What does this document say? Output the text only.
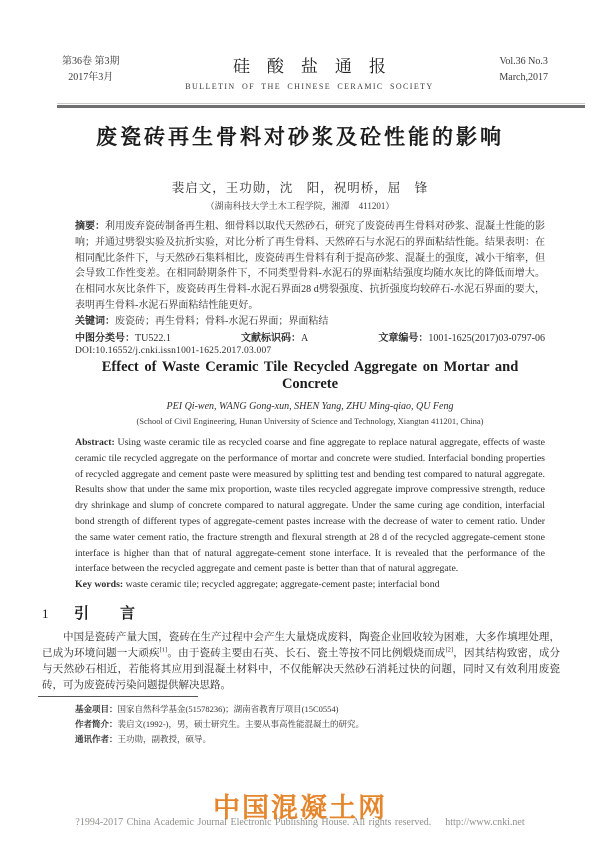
第36卷 第3期
2017年3月
硅酸盐通报
BULLETIN OF THE CHINESE CERAMIC SOCIETY
Vol.36 No.3
March,2017
废瓷砖再生骨料对砂浆及砼性能的影响
裴启文，王功勋，沈　阳，祝明桥，屈　锋
（湖南科技大学土木工程学院，湘潭　411201）

摘要：利用废弃瓷砖制备再生粗、细骨料以取代天然砂石，研究了废瓷砖再生骨料对砂浆、混凝土性能的影响；并通过劈裂实验及抗折实验，对比分析了再生骨料、天然碎石与水泥石的界面粘结性能。结果表明：在相同配比条件下，与天然砂石集料相比，废瓷砖再生骨料有利于提高砂浆、混凝土的强度，减小干缩率，但会导致工作性变差。在相同龄期条件下，不同类型骨料-水泥石的界面粘结强度均随水灰比的降低而增大。在相同水灰比条件下，废瓷砖再生骨料-水泥石界面28 d劈裂强度、抗折强度均较碎石-水泥石界面的要大，表明再生骨料-水泥石界面粘结性能更好。

关键词：废瓷砖；再生骨料；骨料-水泥石界面；界面粘结

中图分类号：TU522.1	文献标识码：A	文章编号：1001-1625(2017)03-0797-06
DOI:10.16552/j.cnki.issn1001-1625.2017.03.007
Effect of Waste Ceramic Tile Recycled Aggregate on Mortar and Concrete
PEI Qi-wen, WANG Gong-xun, SHEN Yang, ZHU Ming-qiao, QU Feng
(School of Civil Engineering, Hunan University of Science and Technology, Xiangtan 411201, China)

Abstract: Using waste ceramic tile as recycled coarse and fine aggregate to replace natural aggregate, effects of waste ceramic tile recycled aggregate on the performance of mortar and concrete were studied. Interfacial bonding properties of recycled aggregate and cement paste were measured by splitting test and bending test compared to natural aggregate. Results show that under the same mix proportion, waste tiles recycled aggregate improve compressive strength, reduce dry shrinkage and slump of concrete compared to natural aggregate. Under the same curing age condition, interfacial bond strength of different types of aggregate-cement pastes increase with the decrease of water to cement ratio. Under the same water cement ratio, the fracture strength and flexural strength at 28 d of the recycled aggregate-cement stone interface is higher than that of natural aggregate-cement stone interface. It is revealed that the performance of the interface between the recycled aggregate and cement paste is better than that of natural aggregate.

Key words: waste ceramic tile; recycled aggregate; aggregate-cement paste; interfacial bond

1 引　言

中国是瓷砖产量大国，瓷砖在生产过程中会产生大量烧成废料，陶瓷企业回收较为困难，大多作填埋处理，已成为环境问题一大顽疾[1]。由于瓷砖主要由石英、长石、瓷土等按不同比例煅烧而成[2]，因其结构致密，成分与天然砂石相近，若能将其应用到混凝土材料中，不仅能解决天然砂石消耗过快的问题，同时又有效利用废瓷砖，可为废瓷砖污染问题提供解决思路。

基金项目：国家自然科学基金(51578236)；湖南省教育厅项目(15C0554)
作者简介：裴启文(1992-)，男，硕士研究生。主要从事高性能混凝土的研究。
通讯作者：王功勋，副教授，硕导。
中国混凝土网
?1994-2017 China Academic Journal Electronic Publishing House. All rights reserved. http://www.cnki.net
